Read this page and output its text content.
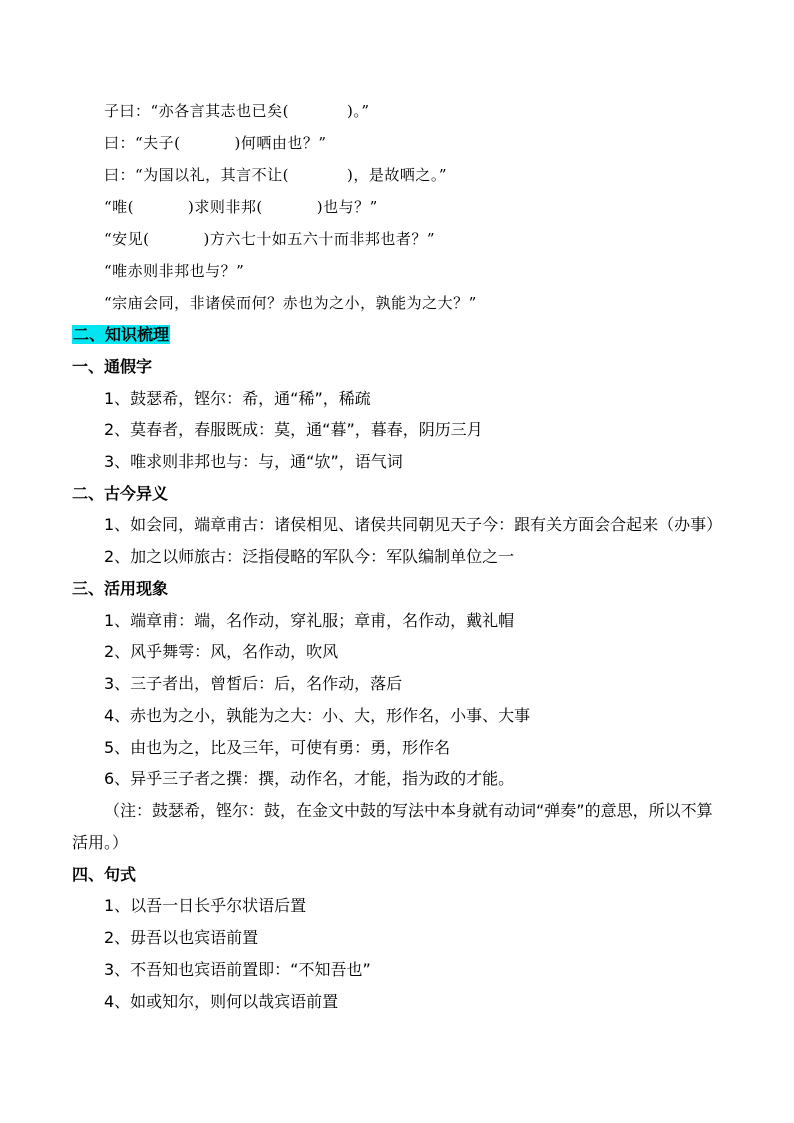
子曰：“亦各言其志也已矣(	)。”
曰：“夫子(	)何哂由也？”
曰：“为国以礼，其言不让(	)，是故哂之。”
“唯(	)求则非邦(	)也与？”
“安见(	)方六七十如五六十而非邦也者？”
“唯赤则非邦也与？”
“宗庙会同，非诸侯而何？赤也为之小，孰能为之大？”
二、知识梳理
一、通假字
1、鼓瑟希，铿尔：希，通“稀”，稀疏
2、莫春者，春服既成：莫，通“暮”，暮春，阴历三月
3、唯求则非邦也与：与，通“欤”，语气词
二、古今异义
1、如会同，端章甫古：诸侯相见、诸侯共同朝见天子今：跟有关方面会合起来（办事）
2、加之以师旅古：泛指侵略的军队今：军队编制单位之一
三、活用现象
1、端章甫：端，名作动，穿礼服；章甫，名作动，戴礼帽
2、风乎舞雩：风，名作动，吹风
3、三子者出，曾皙后：后，名作动，落后
4、赤也为之小，孰能为之大：小、大，形作名，小事、大事
5、由也为之，比及三年，可使有勇：勇，形作名
6、异乎三子者之撰：撰，动作名，才能，指为政的才能。
（注：鼓瑟希，铿尔：鼓，在金文中鼓的写法中本身就有动词“弹奏”的意思，所以不算
活用。）
四、句式
1、以吾一日长乎尔状语后置
2、毋吾以也宾语前置
3、不吾知也宾语前置即：“不知吾也”
4、如或知尔，则何以哉宾语前置
